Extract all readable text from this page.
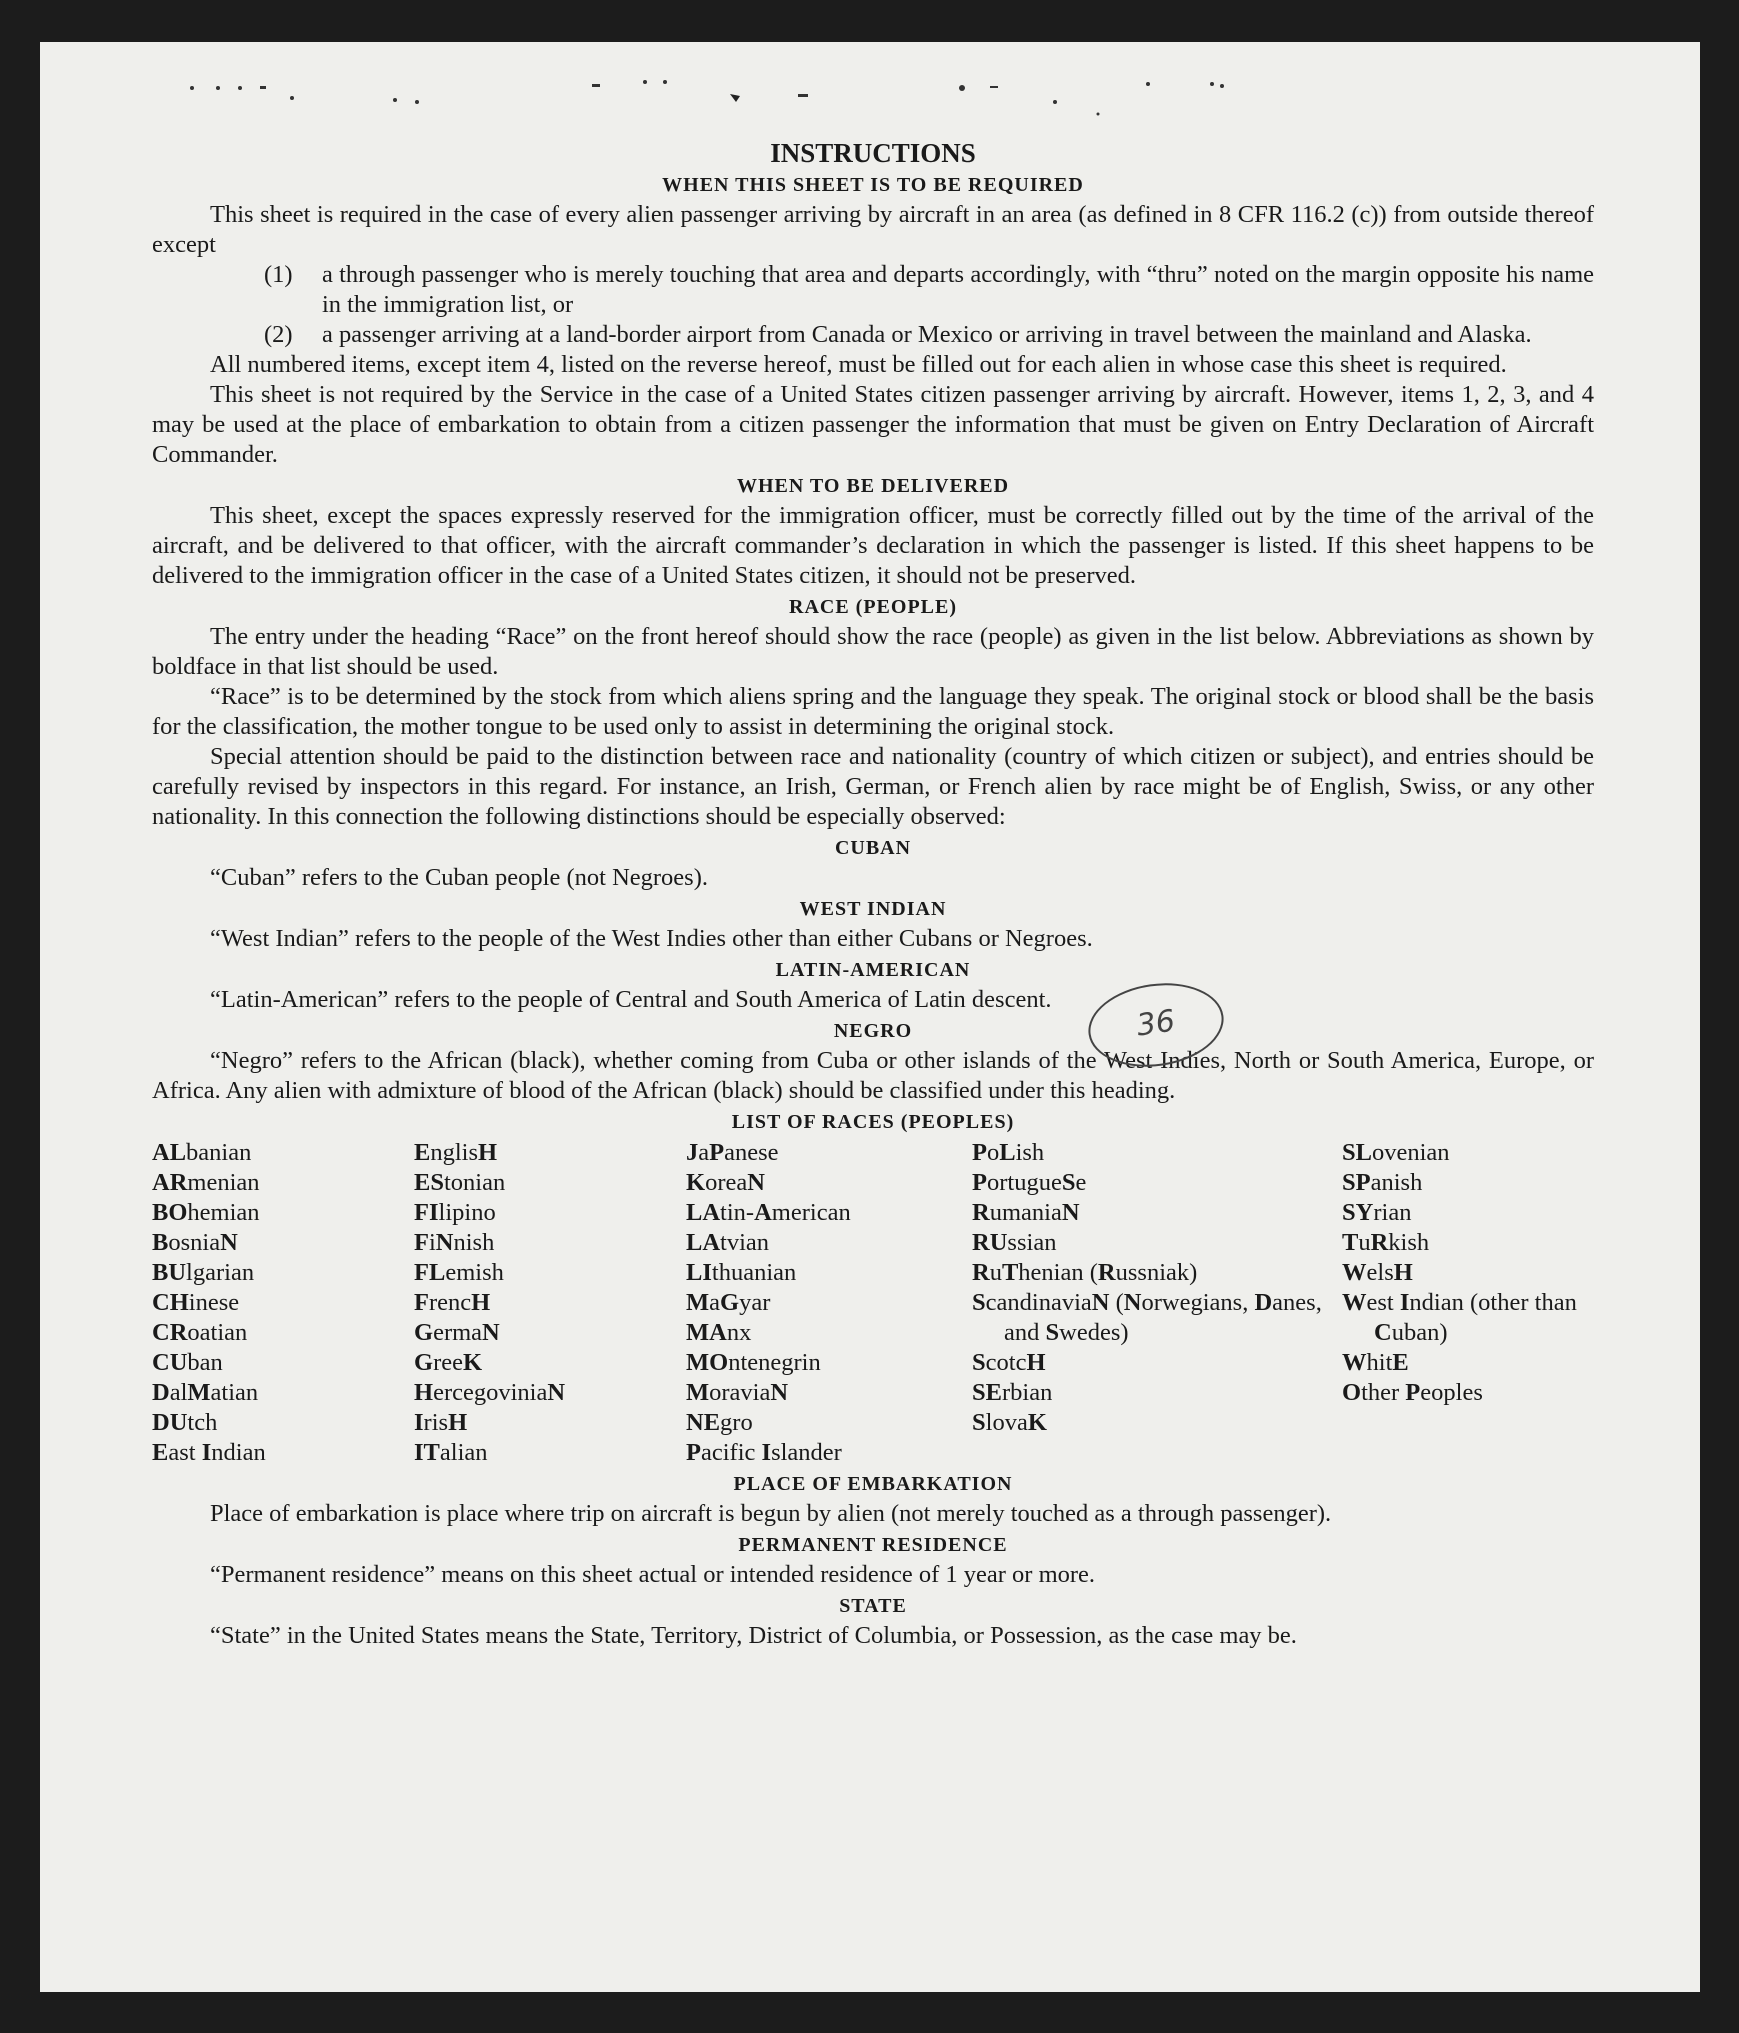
36
INSTRUCTIONS
WHEN THIS SHEET IS TO BE REQUIRED

This sheet is required in the case of every alien passenger arriving by aircraft in an area (as defined in 8 CFR 116.2 (c)) from outside thereof except

(1)	a through passenger who is merely touching that area and departs accordingly, with “thru” noted on the margin opposite his name in the immigration list, or
(2)	a passenger arriving at a land-border airport from Canada or Mexico or arriving in travel between the mainland and Alaska.

All numbered items, except item 4, listed on the reverse hereof, must be filled out for each alien in whose case this sheet is required.

This sheet is not required by the Service in the case of a United States citizen passenger arriving by aircraft. However, items 1, 2, 3, and 4 may be used at the place of embarkation to obtain from a citizen passenger the information that must be given on Entry Declaration of Aircraft Commander.

WHEN TO BE DELIVERED

This sheet, except the spaces expressly reserved for the immigration officer, must be correctly filled out by the time of the arrival of the aircraft, and be delivered to that officer, with the aircraft commander’s declaration in which the passenger is listed. If this sheet happens to be delivered to the immigration officer in the case of a United States citizen, it should not be preserved.

RACE (PEOPLE)

The entry under the heading “Race” on the front hereof should show the race (people) as given in the list below. Abbreviations as shown by boldface in that list should be used.

“Race” is to be determined by the stock from which aliens spring and the language they speak. The original stock or blood shall be the basis for the classification, the mother tongue to be used only to assist in determining the original stock.

Special attention should be paid to the distinction between race and nationality (country of which citizen or subject), and entries should be carefully revised by inspectors in this regard. For instance, an Irish, German, or French alien by race might be of English, Swiss, or any other nationality. In this connection the following distinctions should be especially observed:

CUBAN

“Cuban” refers to the Cuban people (not Negroes).

WEST INDIAN

“West Indian” refers to the people of the West Indies other than either Cubans or Negroes.

LATIN-AMERICAN

“Latin-American” refers to the people of Central and South America of Latin descent.

NEGRO

“Negro” refers to the African (black), whether coming from Cuba or other islands of the West Indies, North or South America, Europe, or Africa. Any alien with admixture of blood of the African (black) should be classified under this heading.

LIST OF RACES (PEOPLES)
ALbanian
ARmenian
BOhemian
BosniaN
BUlgarian
CHinese
CRoatian
CUban
DalMatian
DUtch
East Indian
EnglisH
EStonian
FIlipino
FiNnish
FLemish
FrencH
GermaN
GreeK
HercegoviniaN
IrisH
ITalian
JaPanese
KoreaN
LAtin-American
LAtvian
LIthuanian
MaGyar
MAnx
MOntenegrin
MoraviaN
NEgro
Pacific Islander
PoLish
PortugueSe
RumaniaN
RUssian
RuThenian (Russniak)
ScandinaviaN (Norwegians, Danes, and Swedes)
ScotcH
SErbian
SlovaK
SLovenian
SPanish
SYrian
TuRkish
WelsH
West Indian (other than Cuban)
WhitE
Other Peoples
PLACE OF EMBARKATION

Place of embarkation is place where trip on aircraft is begun by alien (not merely touched as a through passenger).

PERMANENT RESIDENCE

“Permanent residence” means on this sheet actual or intended residence of 1 year or more.

STATE

“State” in the United States means the State, Territory, District of Columbia, or Possession, as the case may be.
